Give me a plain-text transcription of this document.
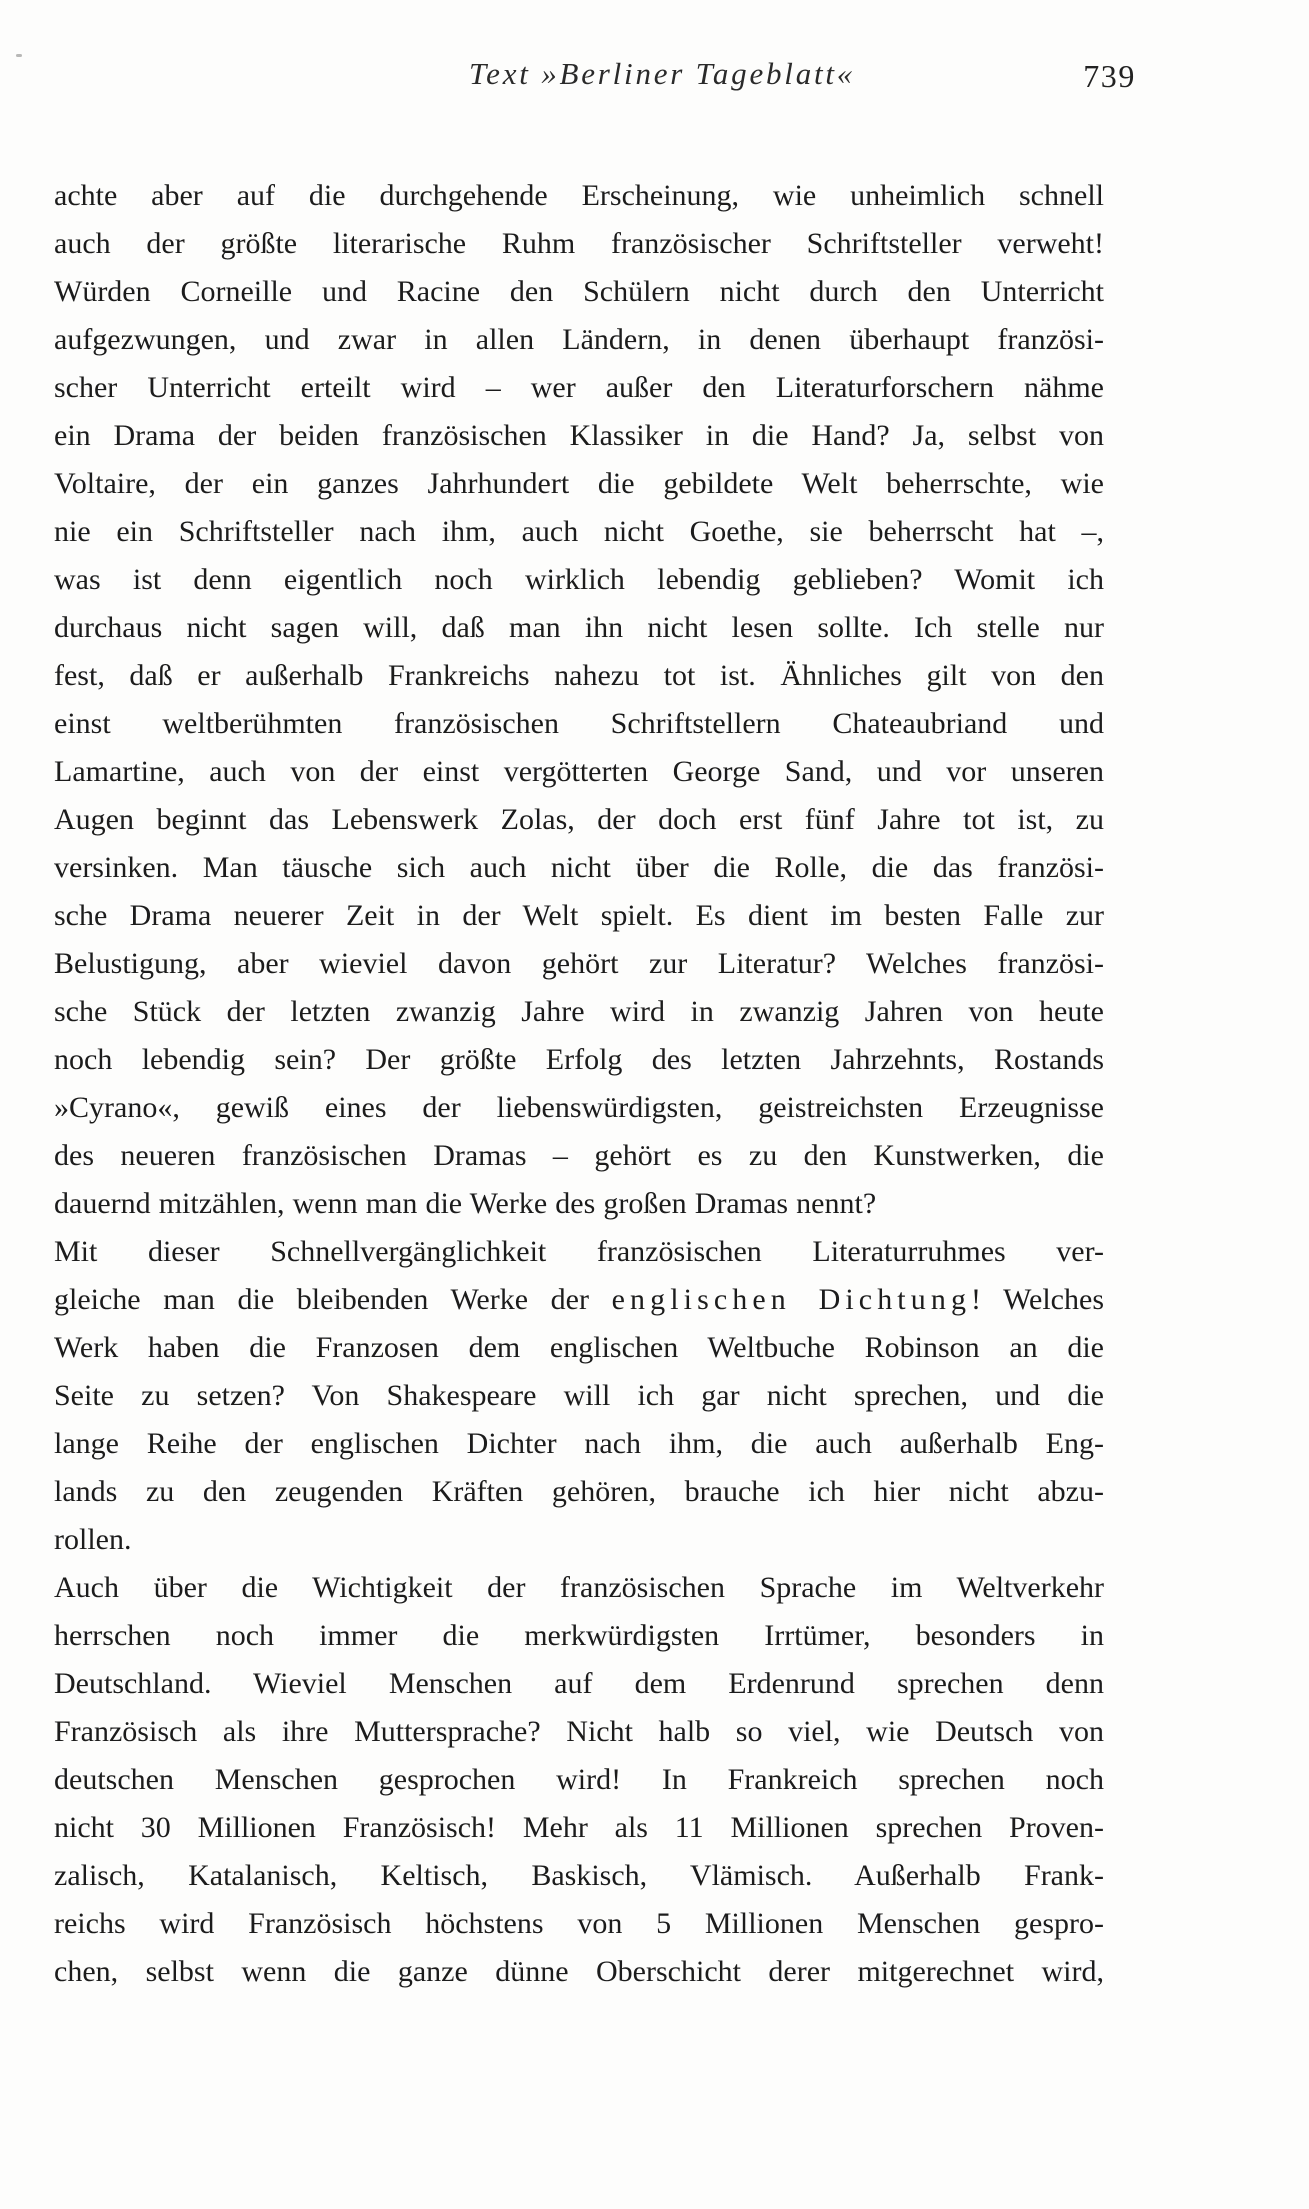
Text »Berliner Tageblatt«	739
achte aber auf die durchgehende Erscheinung, wie unheimlich schnell
auch der größte literarische Ruhm französischer Schriftsteller verweht!
Würden Corneille und Racine den Schülern nicht durch den Unterricht
aufgezwungen, und zwar in allen Ländern, in denen überhaupt französi-
scher Unterricht erteilt wird – wer außer den Literaturforschern nähme
ein Drama der beiden französischen Klassiker in die Hand? Ja, selbst von
Voltaire, der ein ganzes Jahrhundert die gebildete Welt beherrschte, wie
nie ein Schriftsteller nach ihm, auch nicht Goethe, sie beherrscht hat –,
was ist denn eigentlich noch wirklich lebendig geblieben? Womit ich
durchaus nicht sagen will, daß man ihn nicht lesen sollte. Ich stelle nur
fest, daß er außerhalb Frankreichs nahezu tot ist. Ähnliches gilt von den
einst weltberühmten französischen Schriftstellern Chateaubriand und
Lamartine, auch von der einst vergötterten George Sand, und vor unseren
Augen beginnt das Lebenswerk Zolas, der doch erst fünf Jahre tot ist, zu
versinken. Man täusche sich auch nicht über die Rolle, die das französi-
sche Drama neuerer Zeit in der Welt spielt. Es dient im besten Falle zur
Belustigung, aber wieviel davon gehört zur Literatur? Welches französi-
sche Stück der letzten zwanzig Jahre wird in zwanzig Jahren von heute
noch lebendig sein? Der größte Erfolg des letzten Jahrzehnts, Rostands
»Cyrano«, gewiß eines der liebenswürdigsten, geistreichsten Erzeugnisse
des neueren französischen Dramas – gehört es zu den Kunstwerken, die
dauernd mitzählen, wenn man die Werke des großen Dramas nennt?
Mit dieser Schnellvergänglichkeit französischen Literaturruhmes ver-
gleiche man die bleibenden Werke der englischen Dichtung! Welches
Werk haben die Franzosen dem englischen Weltbuche Robinson an die
Seite zu setzen? Von Shakespeare will ich gar nicht sprechen, und die
lange Reihe der englischen Dichter nach ihm, die auch außerhalb Eng-
lands zu den zeugenden Kräften gehören, brauche ich hier nicht abzu-
rollen.
Auch über die Wichtigkeit der französischen Sprache im Weltverkehr
herrschen noch immer die merkwürdigsten Irrtümer, besonders in
Deutschland. Wieviel Menschen auf dem Erdenrund sprechen denn
Französisch als ihre Muttersprache? Nicht halb so viel, wie Deutsch von
deutschen Menschen gesprochen wird! In Frankreich sprechen noch
nicht 30 Millionen Französisch! Mehr als 11 Millionen sprechen Proven-
zalisch, Katalanisch, Keltisch, Baskisch, Vlämisch. Außerhalb Frank-
reichs wird Französisch höchstens von 5 Millionen Menschen gespro-
chen, selbst wenn die ganze dünne Oberschicht derer mitgerechnet wird,
